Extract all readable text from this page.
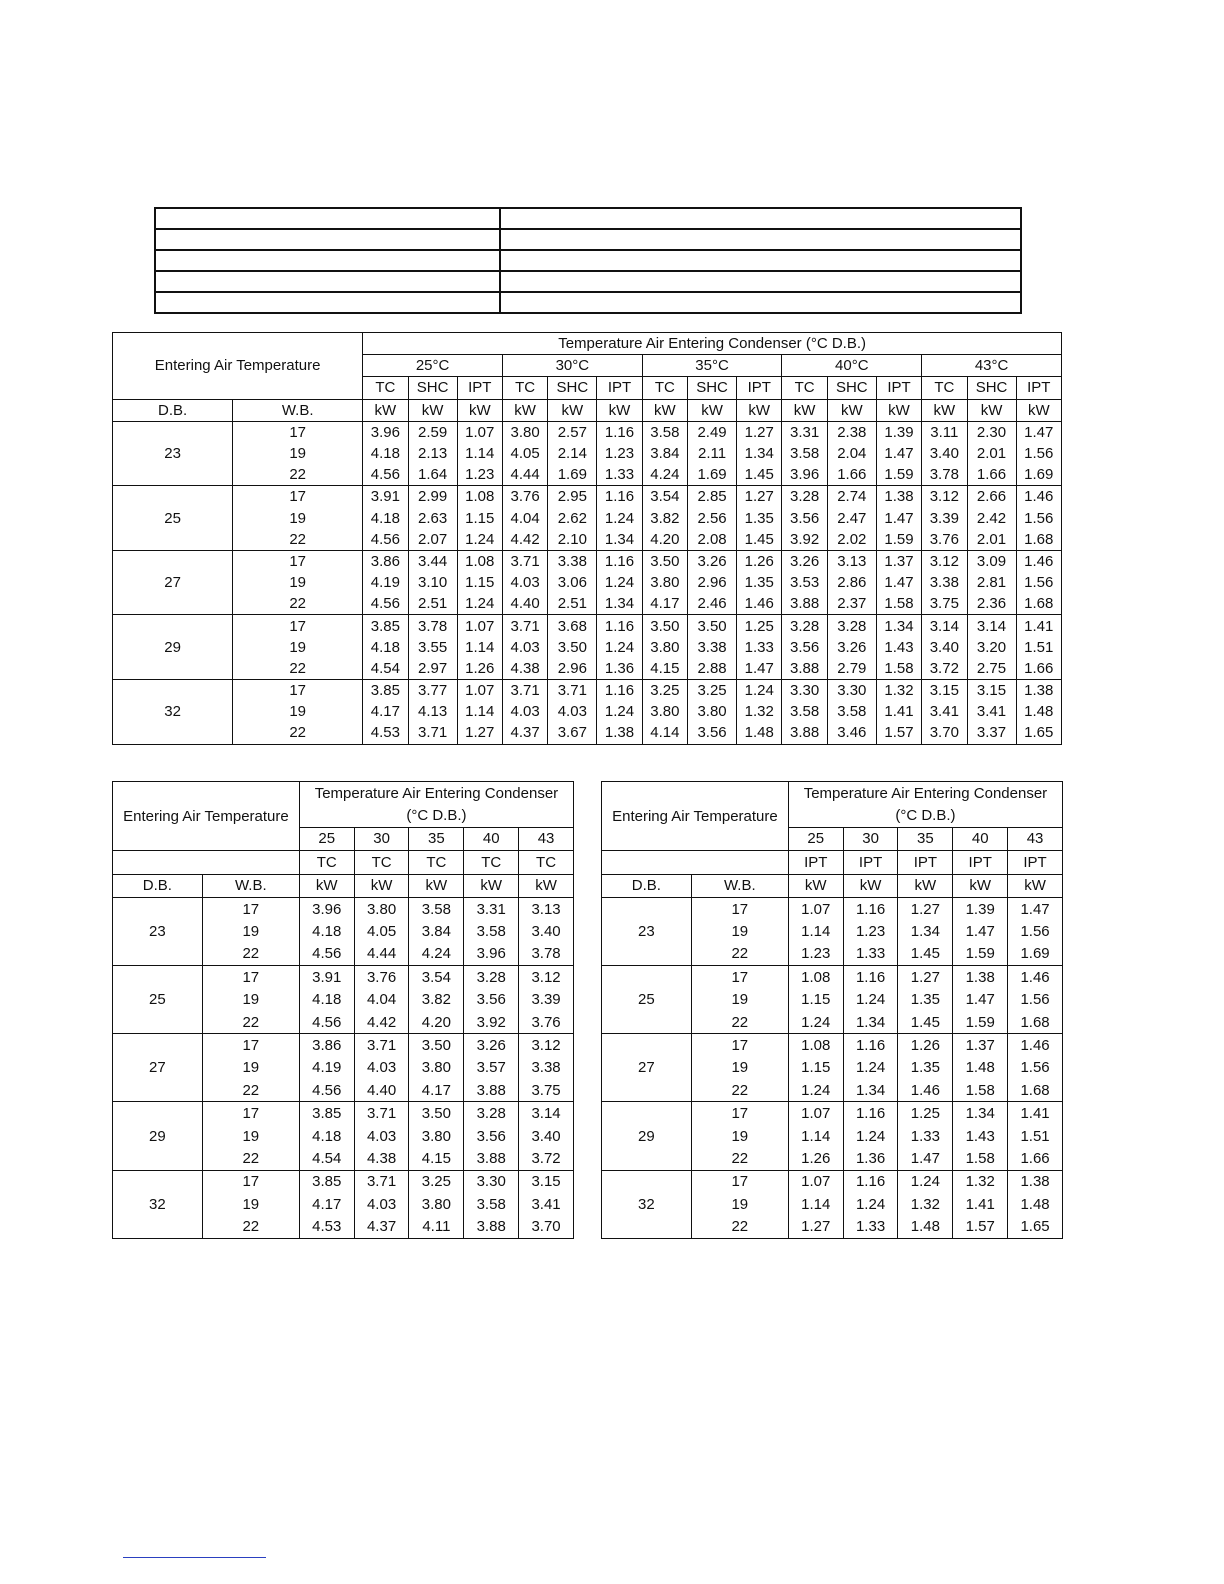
Entering Air Temperature		Temperature Air Entering Condenser (°C D.B.)														
		25°C			30°C			35°C			40°C			43°C		
		TC	SHC	IPT	TC	SHC	IPT	TC	SHC	IPT	TC	SHC	IPT	TC	SHC	IPT
D.B.	W.B.	kW	kW	kW	kW	kW	kW	kW	kW	kW	kW	kW	kW	kW	kW	kW
23	17	3.96	2.59	1.07	3.80	2.57	1.16	3.58	2.49	1.27	3.31	2.38	1.39	3.11	2.30	1.47
	19	4.18	2.13	1.14	4.05	2.14	1.23	3.84	2.11	1.34	3.58	2.04	1.47	3.40	2.01	1.56
	22	4.56	1.64	1.23	4.44	1.69	1.33	4.24	1.69	1.45	3.96	1.66	1.59	3.78	1.66	1.69
25	17	3.91	2.99	1.08	3.76	2.95	1.16	3.54	2.85	1.27	3.28	2.74	1.38	3.12	2.66	1.46
	19	4.18	2.63	1.15	4.04	2.62	1.24	3.82	2.56	1.35	3.56	2.47	1.47	3.39	2.42	1.56
	22	4.56	2.07	1.24	4.42	2.10	1.34	4.20	2.08	1.45	3.92	2.02	1.59	3.76	2.01	1.68
27	17	3.86	3.44	1.08	3.71	3.38	1.16	3.50	3.26	1.26	3.26	3.13	1.37	3.12	3.09	1.46
	19	4.19	3.10	1.15	4.03	3.06	1.24	3.80	2.96	1.35	3.53	2.86	1.47	3.38	2.81	1.56
	22	4.56	2.51	1.24	4.40	2.51	1.34	4.17	2.46	1.46	3.88	2.37	1.58	3.75	2.36	1.68
29	17	3.85	3.78	1.07	3.71	3.68	1.16	3.50	3.50	1.25	3.28	3.28	1.34	3.14	3.14	1.41
	19	4.18	3.55	1.14	4.03	3.50	1.24	3.80	3.38	1.33	3.56	3.26	1.43	3.40	3.20	1.51
	22	4.54	2.97	1.26	4.38	2.96	1.36	4.15	2.88	1.47	3.88	2.79	1.58	3.72	2.75	1.66
32	17	3.85	3.77	1.07	3.71	3.71	1.16	3.25	3.25	1.24	3.30	3.30	1.32	3.15	3.15	1.38
	19	4.17	4.13	1.14	4.03	4.03	1.24	3.80	3.80	1.32	3.58	3.58	1.41	3.41	3.41	1.48
	22	4.53	3.71	1.27	4.37	3.67	1.38	4.14	3.56	1.48	3.88	3.46	1.57	3.70	3.37	1.65
Entering Air Temperature		Temperature Air Entering Condenser				
		(°C D.B.)				
		25	30	35	40	43
		TC	TC	TC	TC	TC
D.B.	W.B.	kW	kW	kW	kW	kW
23	17	3.96	3.80	3.58	3.31	3.13
	19	4.18	4.05	3.84	3.58	3.40
	22	4.56	4.44	4.24	3.96	3.78
25	17	3.91	3.76	3.54	3.28	3.12
	19	4.18	4.04	3.82	3.56	3.39
	22	4.56	4.42	4.20	3.92	3.76
27	17	3.86	3.71	3.50	3.26	3.12
	19	4.19	4.03	3.80	3.57	3.38
	22	4.56	4.40	4.17	3.88	3.75
29	17	3.85	3.71	3.50	3.28	3.14
	19	4.18	4.03	3.80	3.56	3.40
	22	4.54	4.38	4.15	3.88	3.72
32	17	3.85	3.71	3.25	3.30	3.15
	19	4.17	4.03	3.80	3.58	3.41
	22	4.53	4.37	4.11	3.88	3.70
Entering Air Temperature		Temperature Air Entering Condenser				
		(°C D.B.)				
		25	30	35	40	43
		IPT	IPT	IPT	IPT	IPT
D.B.	W.B.	kW	kW	kW	kW	kW
23	17	1.07	1.16	1.27	1.39	1.47
	19	1.14	1.23	1.34	1.47	1.56
	22	1.23	1.33	1.45	1.59	1.69
25	17	1.08	1.16	1.27	1.38	1.46
	19	1.15	1.24	1.35	1.47	1.56
	22	1.24	1.34	1.45	1.59	1.68
27	17	1.08	1.16	1.26	1.37	1.46
	19	1.15	1.24	1.35	1.48	1.56
	22	1.24	1.34	1.46	1.58	1.68
29	17	1.07	1.16	1.25	1.34	1.41
	19	1.14	1.24	1.33	1.43	1.51
	22	1.26	1.36	1.47	1.58	1.66
32	17	1.07	1.16	1.24	1.32	1.38
	19	1.14	1.24	1.32	1.41	1.48
	22	1.27	1.33	1.48	1.57	1.65
